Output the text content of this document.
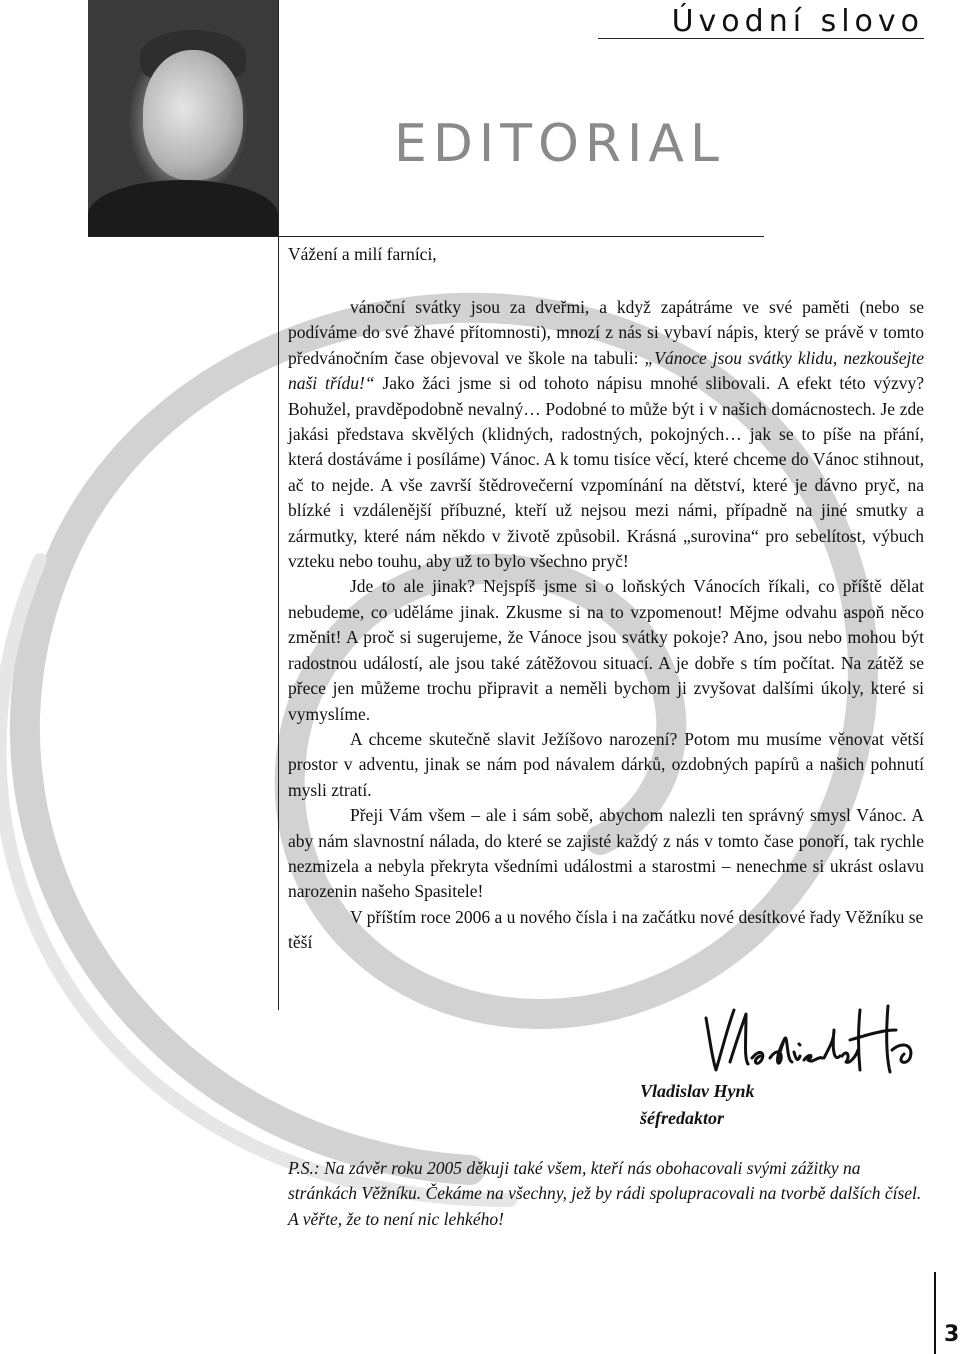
Úvodní slovo
EDITORIAL
Vážení a milí farníci,

vánoční svátky jsou za dveřmi, a když zapátráme ve své paměti (nebo se podíváme do své žhavé přítomnosti), mnozí z nás si vybaví nápis, který se právě v tomto předvánočním čase objevoval ve škole na tabuli: „Vánoce jsou svátky klidu, nezkoušejte naši třídu!“ Jako žáci jsme si od tohoto nápisu mnohé slibovali. A efekt této výzvy? Bohužel, pravděpodobně nevalný… Podobné to může být i v našich domácnostech. Je zde jakási představa skvělých (klidných, radostných, pokojných… jak se to píše na přání, která dostáváme i posíláme) Vánoc. A k tomu tisíce věcí, které chceme do Vánoc stihnout, ač to nejde. A vše završí štědrovečerní vzpomínání na dětství, které je dávno pryč, na blízké i vzdálenější příbuzné, kteří už nejsou mezi námi, případně na jiné smutky a zármutky, které nám někdo v životě způsobil. Krásná „surovina“ pro sebelítost, výbuch vzteku nebo touhu, aby už to bylo všechno pryč!

Jde to ale jinak? Nejspíš jsme si o loňských Vánocích říkali, co příště dělat nebudeme, co uděláme jinak. Zkusme si na to vzpomenout! Mějme odvahu aspoň něco změnit! A proč si sugerujeme, že Vánoce jsou svátky pokoje? Ano, jsou nebo mohou být radostnou událostí, ale jsou také zátěžovou situací. A je dobře s tím počítat. Na zátěž se přece jen můžeme trochu připravit a neměli bychom ji zvyšovat dalšími úkoly, které si vymyslíme.

A chceme skutečně slavit Ježíšovo narození? Potom mu musíme věnovat větší prostor v adventu, jinak se nám pod návalem dárků, ozdobných papírů a našich pohnutí mysli ztratí.

Přeji Vám všem – ale i sám sobě, abychom nalezli ten správný smysl Vánoc. A aby nám slavnostní nálada, do které se zajisté každý z nás v tomto čase ponoří, tak rychle nezmizela a nebyla překryta všedními událostmi a starostmi – nenechme si ukrást oslavu narozenin našeho Spasitele!

V příštím roce 2006 a u nového čísla i na začátku nové desítkové řady Věžníku se těší

Vladislav Hynk
šéfredaktor
P.S.: Na závěr roku 2005 děkuji také všem, kteří nás obohacovali svými zážitky na stránkách Věžníku. Čekáme na všechny, jež by rádi spolupracovali na tvorbě dalších čísel. A věřte, že to není nic lehkého!
3
